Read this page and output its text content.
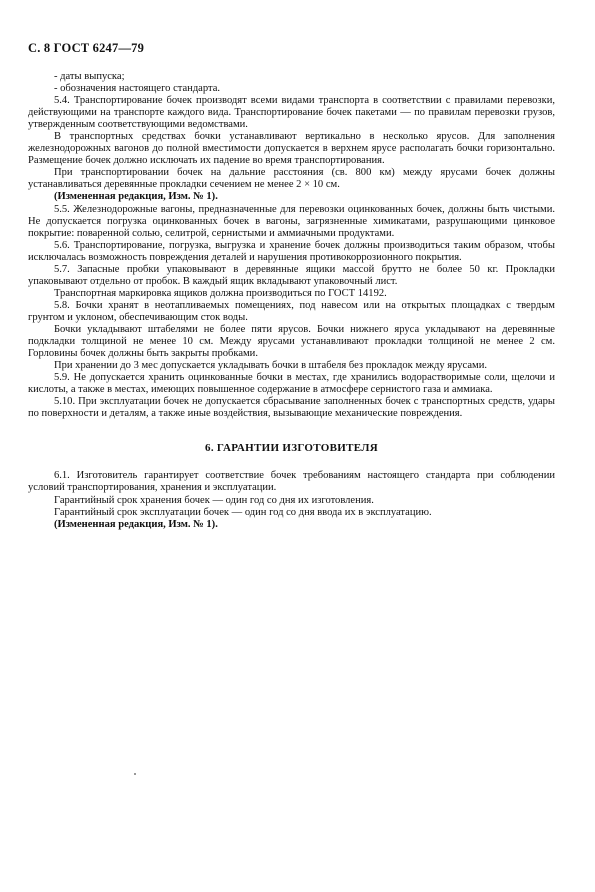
С. 8 ГОСТ 6247—79

- даты выпуска;

- обозначения настоящего стандарта.

5.4. Транспортирование бочек производят всеми видами транспорта в соответствии с правилами перевозки, действующими на транспорте каждого вида. Транспортирование бочек пакетами — по правилам перевозки грузов, утвержденным соответствующими ведомствами.

В транспортных средствах бочки устанавливают вертикально в несколько ярусов. Для заполнения железнодорожных вагонов до полной вместимости допускается в верхнем ярусе располагать бочки горизонтально. Размещение бочек должно исключать их падение во время транспортирования.

При транспортировании бочек на дальние расстояния (св. 800 км) между ярусами бочек должны устанавливаться деревянные прокладки сечением не менее 2 × 10 см.

(Измененная редакция, Изм. № 1).

5.5. Железнодорожные вагоны, предназначенные для перевозки оцинкованных бочек, должны быть чистыми. Не допускается погрузка оцинкованных бочек в вагоны, загрязненные химикатами, разрушающими цинковое покрытие: поваренной солью, селитрой, сернистыми и аммиачными продуктами.

5.6. Транспортирование, погрузка, выгрузка и хранение бочек должны производиться таким образом, чтобы исключалась возможность повреждения деталей и нарушения противокоррозионного покрытия.

5.7. Запасные пробки упаковывают в деревянные ящики массой брутто не более 50 кг. Прокладки упаковывают отдельно от пробок. В каждый ящик вкладывают упаковочный лист.

Транспортная маркировка ящиков должна производиться по ГОСТ 14192.

5.8. Бочки хранят в неотапливаемых помещениях, под навесом или на открытых площадках с твердым грунтом и уклоном, обеспечивающим сток воды.

Бочки укладывают штабелями не более пяти ярусов. Бочки нижнего яруса укладывают на деревянные подкладки толщиной не менее 10 см. Между ярусами устанавливают прокладки толщиной не менее 2 см. Горловины бочек должны быть закрыты пробками.

При хранении до 3 мес допускается укладывать бочки в штабеля без прокладок между ярусами.

5.9. Не допускается хранить оцинкованные бочки в местах, где хранились водорастворимые соли, щелочи и кислоты, а также в местах, имеющих повышенное содержание в атмосфере сернистого газа и аммиака.

5.10. При эксплуатации бочек не допускается сбрасывание заполненных бочек с транспортных средств, удары по поверхности и деталям, а также иные воздействия, вызывающие механические повреждения.

6. ГАРАНТИИ ИЗГОТОВИТЕЛЯ

6.1. Изготовитель гарантирует соответствие бочек требованиям настоящего стандарта при соблюдении условий транспортирования, хранения и эксплуатации.

Гарантийный срок хранения бочек — один год со дня их изготовления.

Гарантийный срок эксплуатации бочек — один год со дня ввода их в эксплуатацию.

(Измененная редакция, Изм. № 1).
